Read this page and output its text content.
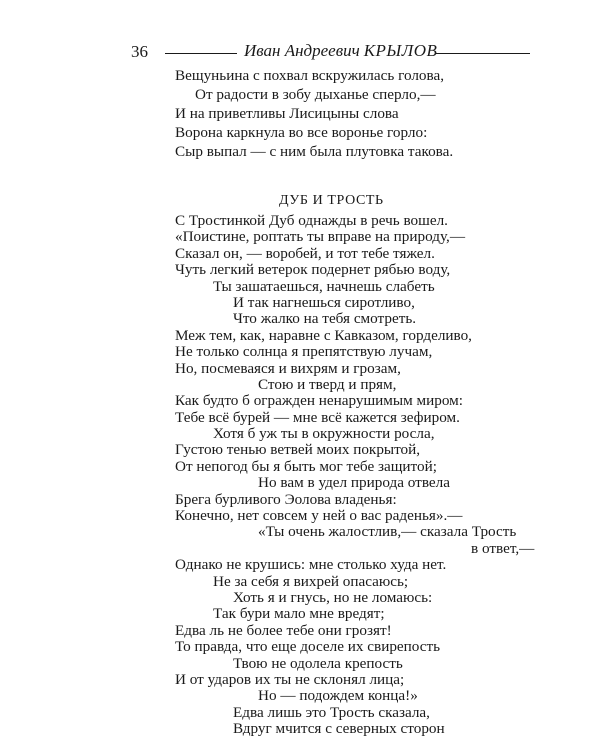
36	Иван Андреевич КРЫЛОВ
Вещуньина с похвал вскружилась голова,
От радости в зобу дыханье сперло,—
И на приветливы Лисицыны слова
Ворона каркнула во все воронье горло:
Сыр выпал — с ним была плутовка такова.
ДУБ И ТРОСТЬ
С Тростинкой Дуб однажды в речь вошел.
«Поистине, роптать ты вправе на природу,—
Сказал он, — воробей, и тот тебе тяжел.
Чуть легкий ветерок подернет рябью воду,
Ты зашатаешься, начнешь слабеть
И так нагнешься сиротливо,
Что жалко на тебя смотреть.
Меж тем, как, наравне с Кавказом, горделиво,
Не только солнца я препятствую лучам,
Но, посмеваяся и вихрям и грозам,
Стою и тверд и прям,
Как будто б огражден ненарушимым миром:
Тебе всё бурей — мне всё кажется зефиром.
Хотя б уж ты в окружности росла,
Густою тенью ветвей моих покрытой,
От непогод бы я быть мог тебе защитой;
Но вам в удел природа отвела
Брега бурливого Эолова владенья:
Конечно, нет совсем у ней о вас раденья».—
«Ты очень жалостлив,— сказала Трость
в ответ,—
Однако не крушись: мне столько худа нет.
Не за себя я вихрей опасаюсь;
Хоть я и гнусь, но не ломаюсь:
Так бури мало мне вредят;
Едва ль не более тебе они грозят!
То правда, что еще доселе их свирепость
Твою не одолела крепость
И от ударов их ты не склонял лица;
Но — подождем конца!»
Едва лишь это Трость сказала,
Вдруг мчится с северных сторон
